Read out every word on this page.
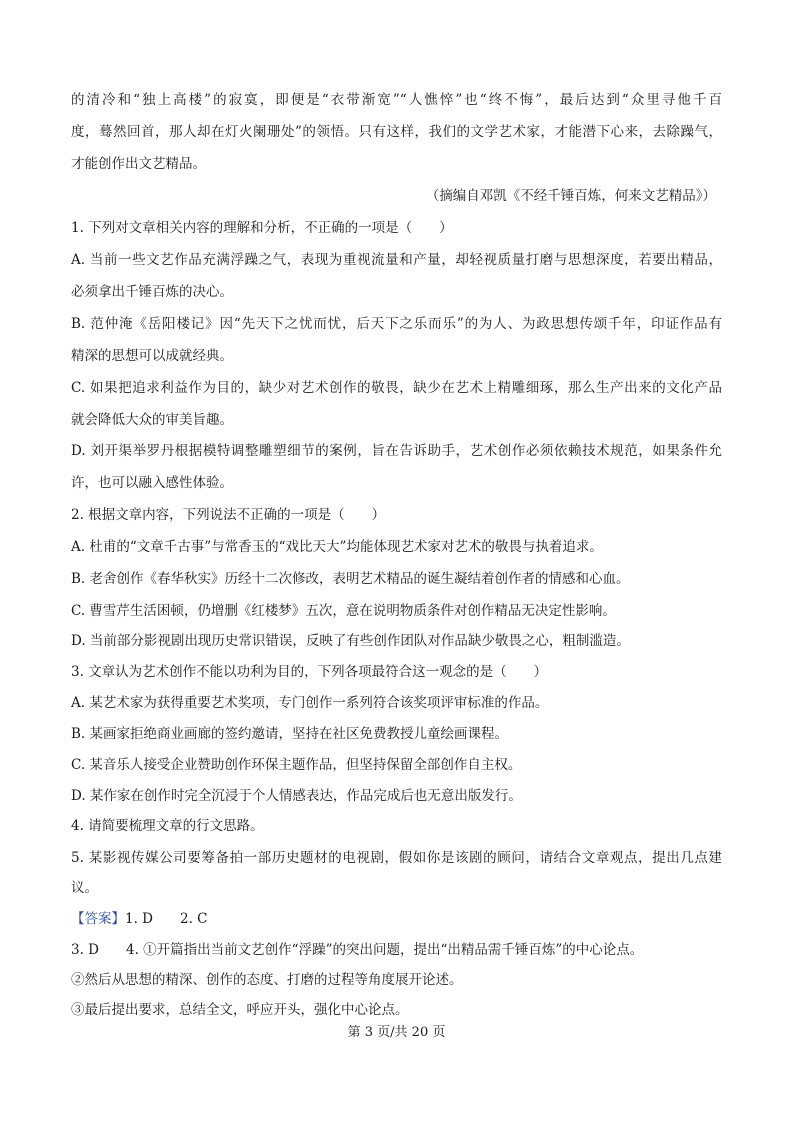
的清冷和“独上高楼”的寂寞，即便是“衣带渐宽”“人憔悴”也“终不悔”，最后达到“众里寻他千百
度，蓦然回首，那人却在灯火阑珊处”的领悟。只有这样，我们的文学艺术家，才能潜下心来，去除躁气，
才能创作出文艺精品。
（摘编自邓凯《不经千锤百炼，何来文艺精品》）
1. 下列对文章相关内容的理解和分析，不正确的一项是（　　）
A. 当前一些文艺作品充满浮躁之气，表现为重视流量和产量，却轻视质量打磨与思想深度，若要出精品，
必须拿出千锤百炼的决心。
B. 范仲淹《岳阳楼记》因“先天下之忧而忧，后天下之乐而乐”的为人、为政思想传颂千年，印证作品有
精深的思想可以成就经典。
C. 如果把追求利益作为目的，缺少对艺术创作的敬畏，缺少在艺术上精雕细琢，那么生产出来的文化产品
就会降低大众的审美旨趣。
D. 刘开渠举罗丹根据模特调整雕塑细节的案例，旨在告诉助手，艺术创作必须依赖技术规范，如果条件允
许，也可以融入感性体验。
2. 根据文章内容，下列说法不正确的一项是（　　）
A. 杜甫的“文章千古事”与常香玉的“戏比天大”均能体现艺术家对艺术的敬畏与执着追求。
B. 老舍创作《春华秋实》历经十二次修改，表明艺术精品的诞生凝结着创作者的情感和心血。
C. 曹雪芹生活困顿，仍增删《红楼梦》五次，意在说明物质条件对创作精品无决定性影响。
D. 当前部分影视剧出现历史常识错误，反映了有些创作团队对作品缺少敬畏之心，粗制滥造。
3. 文章认为艺术创作不能以功利为目的，下列各项最符合这一观念的是（　　）
A. 某艺术家为获得重要艺术奖项，专门创作一系列符合该奖项评审标准的作品。
B. 某画家拒绝商业画廊的签约邀请，坚持在社区免费教授儿童绘画课程。
C. 某音乐人接受企业赞助创作环保主题作品，但坚持保留全部创作自主权。
D. 某作家在创作时完全沉浸于个人情感表达，作品完成后也无意出版发行。
4. 请简要梳理文章的行文思路。
5. 某影视传媒公司要筹备拍一部历史题材的电视剧，假如你是该剧的顾问，请结合文章观点，提出几点建
议。
【答案】1. D　　2. C
3. D　　4. ①开篇指出当前文艺创作“浮躁”的突出问题，提出“出精品需千锤百炼”的中心论点。
②然后从思想的精深、创作的态度、打磨的过程等角度展开论述。
③最后提出要求，总结全文，呼应开头，强化中心论点。
第 3 页/共 20 页
